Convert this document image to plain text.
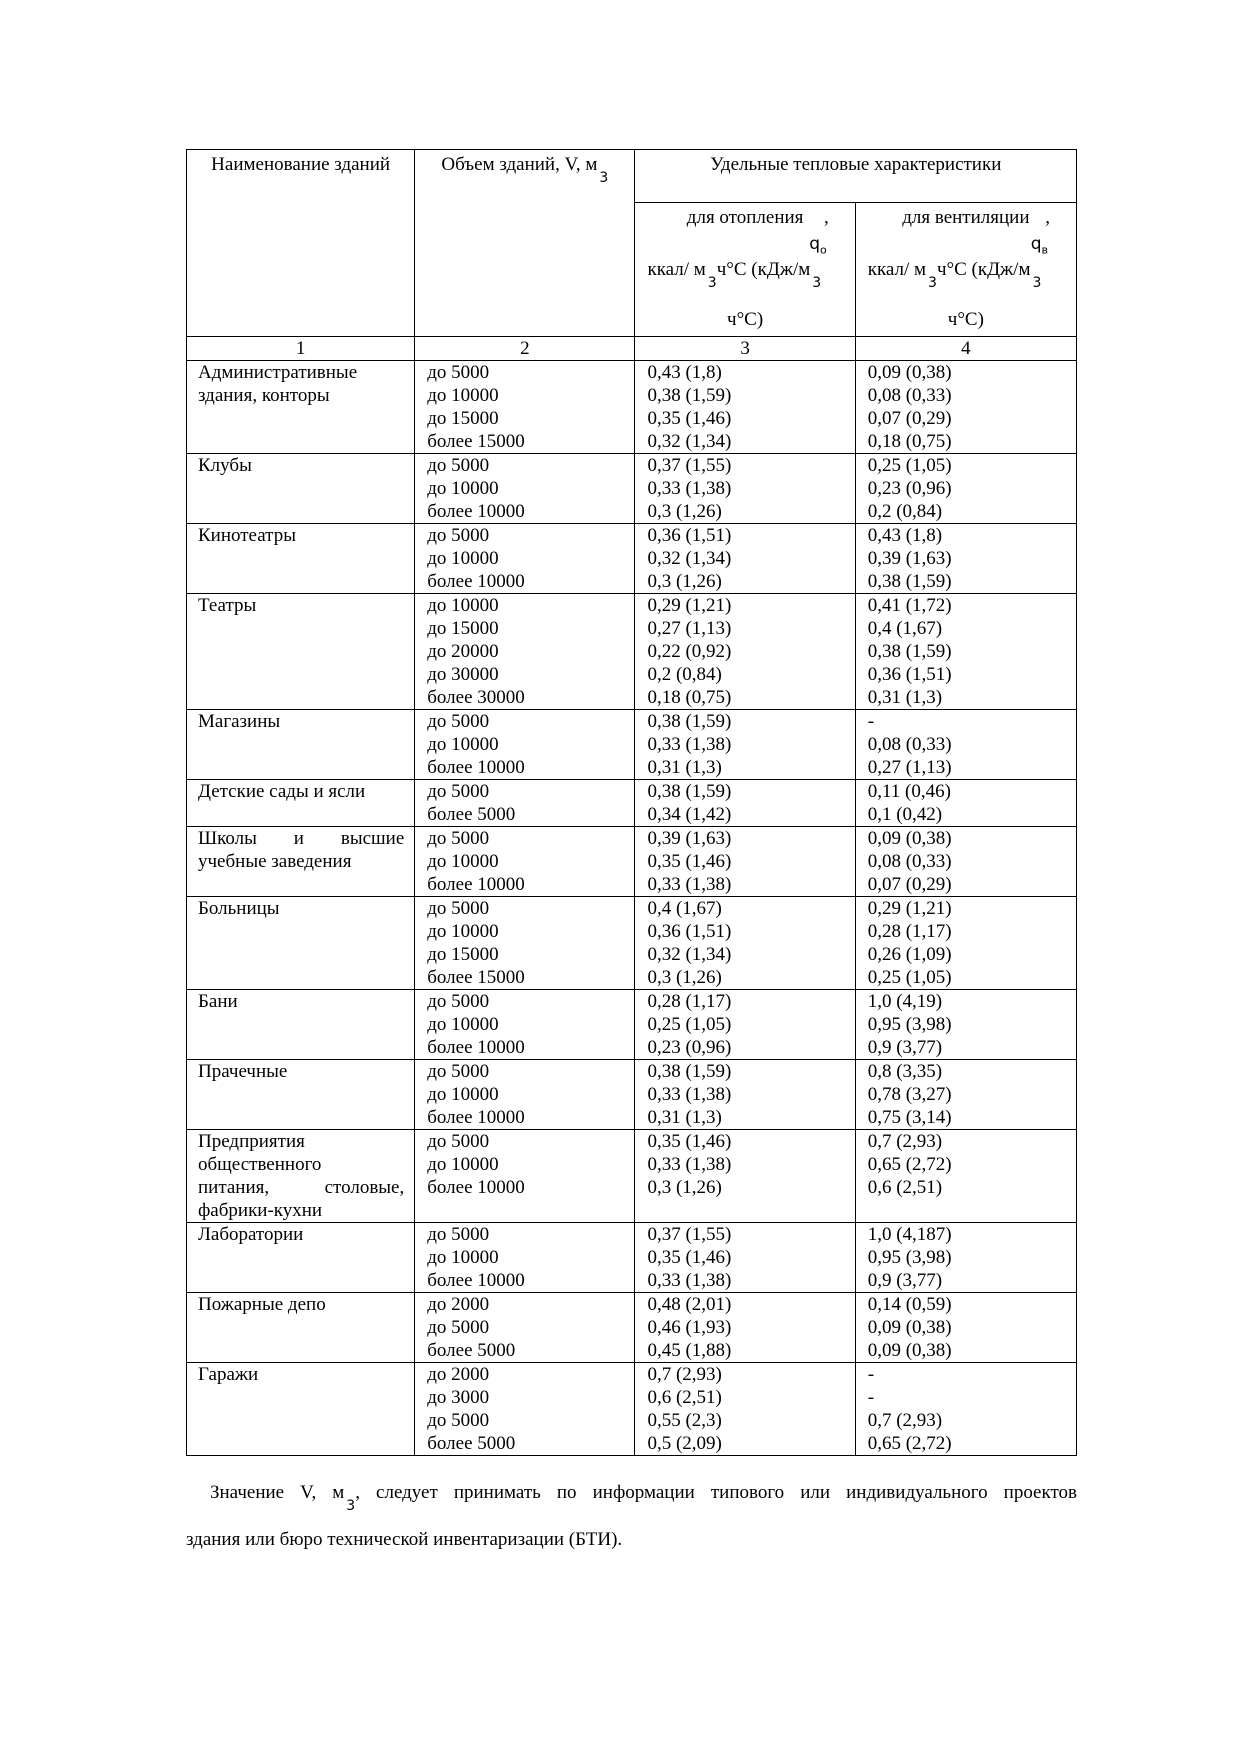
Наименование зданий	Объем зданий, V, $м_3$	Удельные тепловые характеристики	

		для отопления ,
$q_o$
ккал/ $м_3ч^\circ С$ ($кДж/м_3$
ч°С)	для вентиляции ,
$q_в$
ккал/ $м_3ч^\circ С$ ($кДж/м_3$
ч°С)

1	2	3	4

Административные
здания, конторы	до 5000
до 10000
до 15000
более 15000	0,43 (1,8)
0,38 (1,59)
0,35 (1,46)
0,32 (1,34)	0,09 (0,38)
0,08 (0,33)
0,07 (0,29)
0,18 (0,75)

Клубы	до 5000
до 10000
более 10000	0,37 (1,55)
0,33 (1,38)
0,3 (1,26)	0,25 (1,05)
0,23 (0,96)
0,2 (0,84)

Кинотеатры	до 5000
до 10000
более 10000	0,36 (1,51)
0,32 (1,34)
0,3 (1,26)	0,43 (1,8)
0,39 (1,63)
0,38 (1,59)

Театры	до 10000
до 15000
до 20000
до 30000
более 30000	0,29 (1,21)
0,27 (1,13)
0,22 (0,92)
0,2 (0,84)
0,18 (0,75)	0,41 (1,72)
0,4 (1,67)
0,38 (1,59)
0,36 (1,51)
0,31 (1,3)

Магазины	до 5000
до 10000
более 10000	0,38 (1,59)
0,33 (1,38)
0,31 (1,3)	-
0,08 (0,33)
0,27 (1,13)

Детские сады и ясли	до 5000
более 5000	0,38 (1,59)
0,34 (1,42)	0,11 (0,46)
0,1 (0,42)

Школы и высшие
учебные заведения	до 5000
до 10000
более 10000	0,39 (1,63)
0,35 (1,46)
0,33 (1,38)	0,09 (0,38)
0,08 (0,33)
0,07 (0,29)

Больницы	до 5000
до 10000
до 15000
более 15000	0,4 (1,67)
0,36 (1,51)
0,32 (1,34)
0,3 (1,26)	0,29 (1,21)
0,28 (1,17)
0,26 (1,09)
0,25 (1,05)

Бани	до 5000
до 10000
более 10000	0,28 (1,17)
0,25 (1,05)
0,23 (0,96)	1,0 (4,19)
0,95 (3,98)
0,9 (3,77)

Прачечные	до 5000
до 10000
более 10000	0,38 (1,59)
0,33 (1,38)
0,31 (1,3)	0,8 (3,35)
0,78 (3,27)
0,75 (3,14)

Предприятия
общественного
питания, столовые,
фабрики-кухни	до 5000
до 10000
более 10000	0,35 (1,46)
0,33 (1,38)
0,3 (1,26)	0,7 (2,93)
0,65 (2,72)
0,6 (2,51)

Лаборатории	до 5000
до 10000
более 10000	0,37 (1,55)
0,35 (1,46)
0,33 (1,38)	1,0 (4,187)
0,95 (3,98)
0,9 (3,77)

Пожарные депо	до 2000
до 5000
более 5000	0,48 (2,01)
0,46 (1,93)
0,45 (1,88)	0,14 (0,59)
0,09 (0,38)
0,09 (0,38)

Гаражи	до 2000
до 3000
до 5000
более 5000	0,7 (2,93)
0,6 (2,51)
0,55 (2,3)
0,5 (2,09)	-
-
0,7 (2,93)
0,65 (2,72)
Значение V, $м_3$, следует принимать по информации типового или индивидуального проектов
здания или бюро технической инвентаризации (БТИ).
